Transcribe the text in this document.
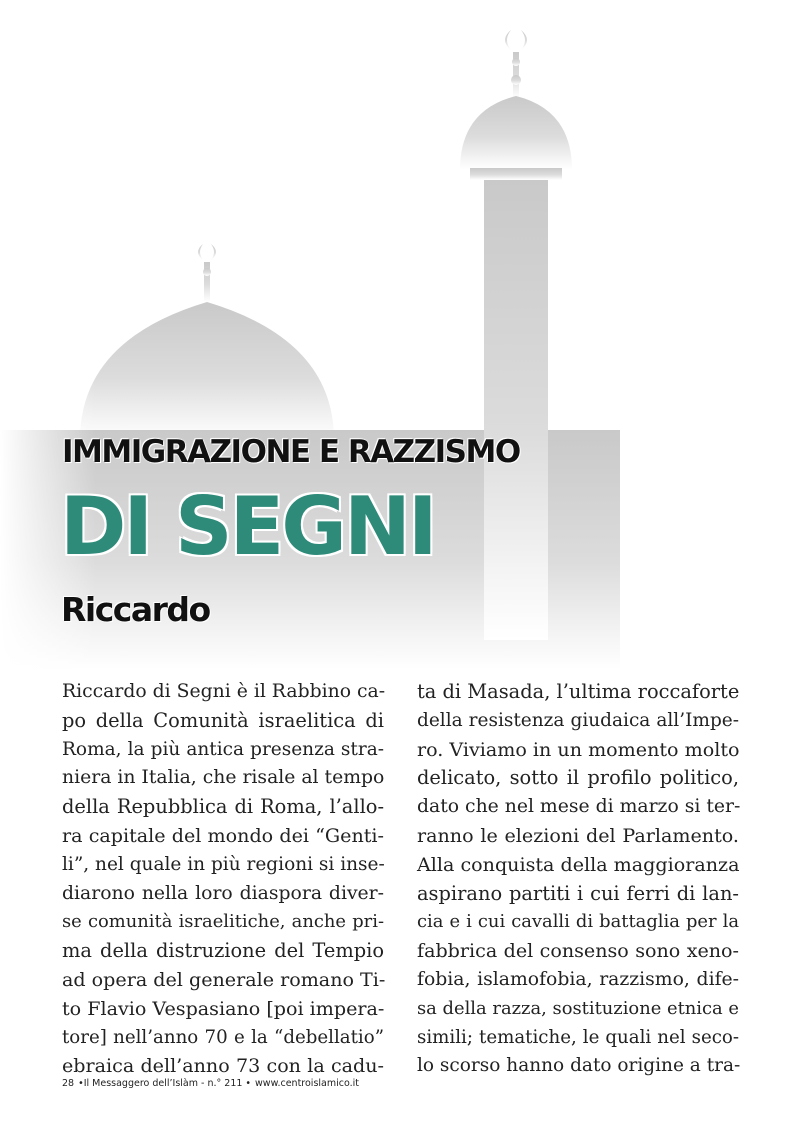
IMMIGRAZIONE E RAZZISMO
DI SEGNI
Riccardo
Riccardo di Segni è il Rabbino ca-
po della Comunità israelitica di
Roma, la più antica presenza stra-
niera in Italia, che risale al tempo
della Repubblica di Roma, l’allo-
ra capitale del mondo dei “Genti-
li”, nel quale in più regioni si inse-
diarono nella loro diaspora diver-
se comunità israelitiche, anche pri-
ma della distruzione del Tempio
ad opera del generale romano Ti-
to Flavio Vespasiano [poi impera-
tore] nell’anno 70 e la “debellatio”
ebraica dell’anno 73 con la cadu-
ta di Masada, l’ultima roccaforte
della resistenza giudaica all’Impe-
ro. Viviamo in un momento molto
delicato, sotto il profilo politico,
dato che nel mese di marzo si ter-
ranno le elezioni del Parlamento.
Alla conquista della maggioranza
aspirano partiti i cui ferri di lan-
cia e i cui cavalli di battaglia per la
fabbrica del consenso sono xeno-
fobia, islamofobia, razzismo, dife-
sa della razza, sostituzione etnica e
simili; tematiche, le quali nel seco-
lo scorso hanno dato origine a tra-
28 •Il Messaggero dell’Islàm - n.° 211 • www.centroislamico.it
